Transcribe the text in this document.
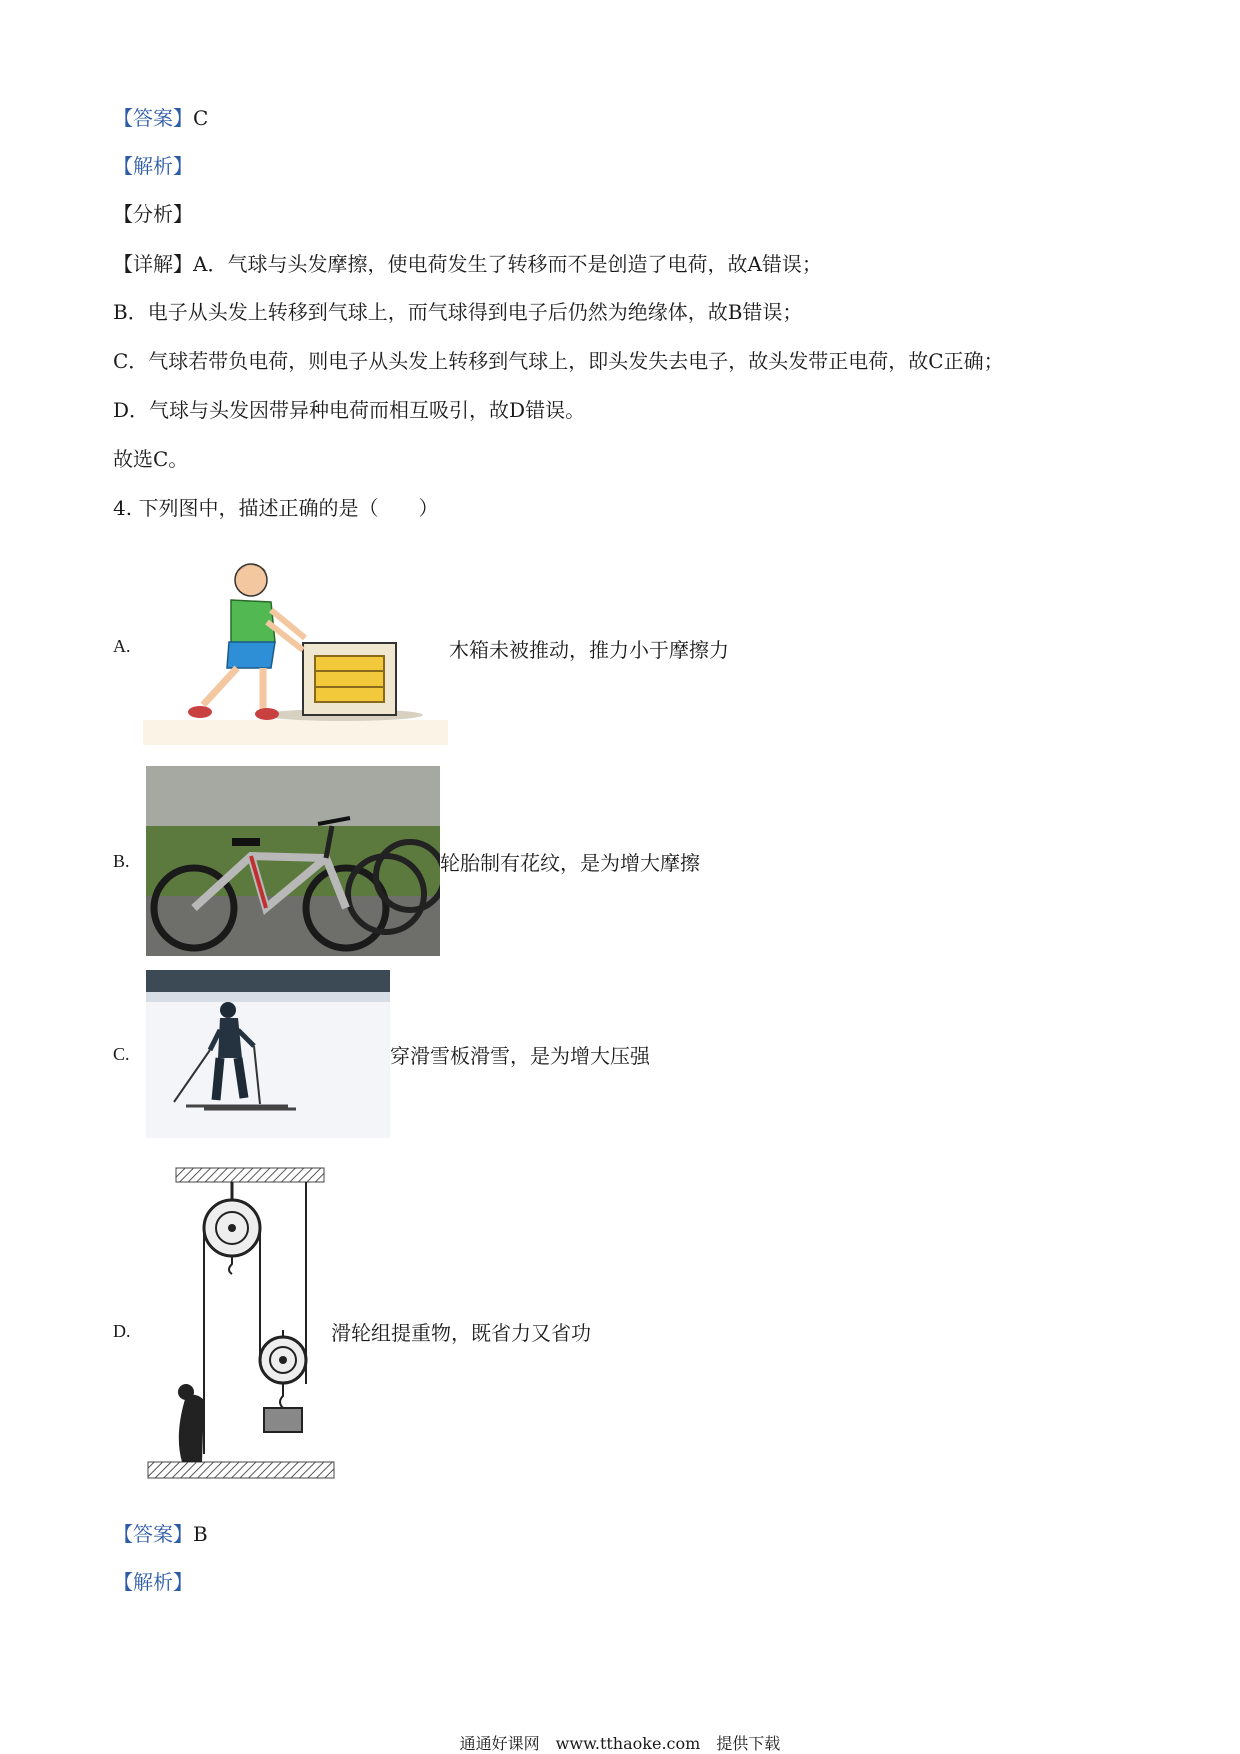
【答案】C
【解析】
【分析】
【详解】A．气球与头发摩擦，使电荷发生了转移而不是创造了电荷，故A错误；
B．电子从头发上转移到气球上，而气球得到电子后仍然为绝缘体，故B错误；
C．气球若带负电荷，则电子从头发上转移到气球上，即头发失去电子，故头发带正电荷，故C正确；
D．气球与头发因带异种电荷而相互吸引，故D错误。
故选C。
4. 下列图中，描述正确的是（　　）
A.	木箱未被推动，推力小于摩擦力
B.	轮胎制有花纹，是为增大摩擦
C.	穿滑雪板滑雪，是为增大压强
D.	滑轮组提重物，既省力又省功
【答案】B
【解析】
通通好课网　www.tthaoke.com　提供下载
